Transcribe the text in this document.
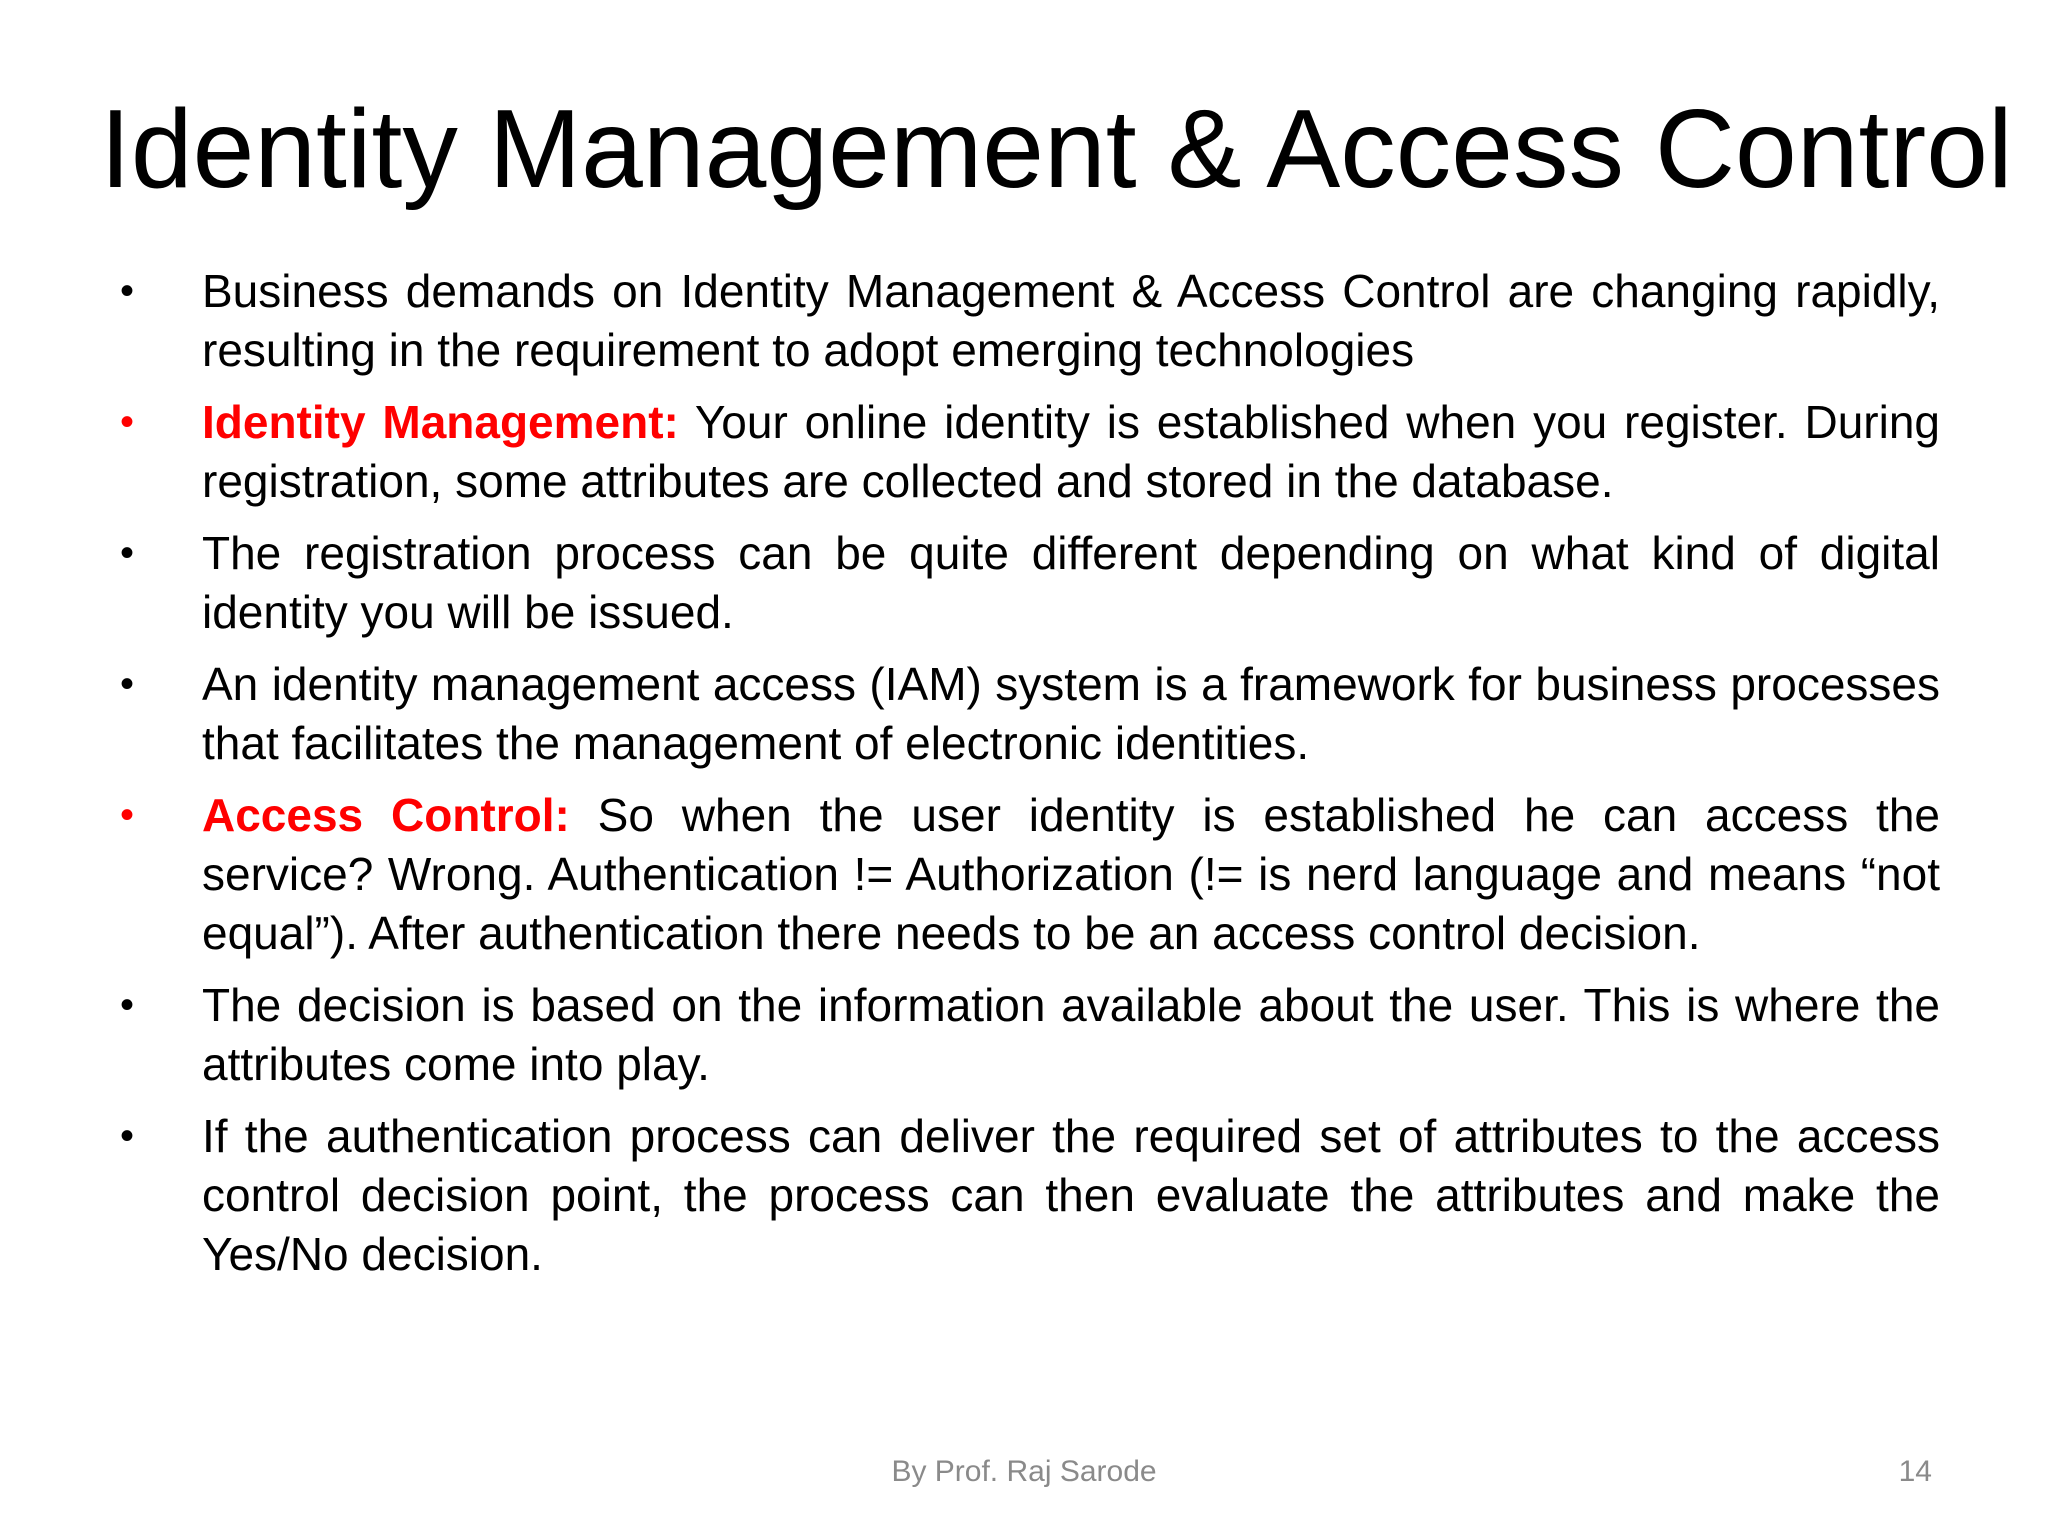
Identity Management & Access Control
•	Business demands on Identity Management & Access Control are changing rapidly, resulting in the requirement to adopt emerging technologies
•	Identity Management: Your online identity is established when you register. During registration, some attributes are collected and stored in the database.
•	The registration process can be quite different depending on what kind of digital identity you will be issued.
•	An identity management access (IAM) system is a framework for business processes that facilitates the management of electronic identities.
•	Access Control: So when the user identity is established he can access the service? Wrong. Authentication != Authorization (!= is nerd language and means “not equal”). After authentication there needs to be an access control decision.
•	The decision is based on the information available about the user. This is where the attributes come into play.
•	If the authentication process can deliver the required set of attributes to the access control decision point, the process can then evaluate the attributes and make the Yes/No decision.
By Prof. Raj Sarode	14
